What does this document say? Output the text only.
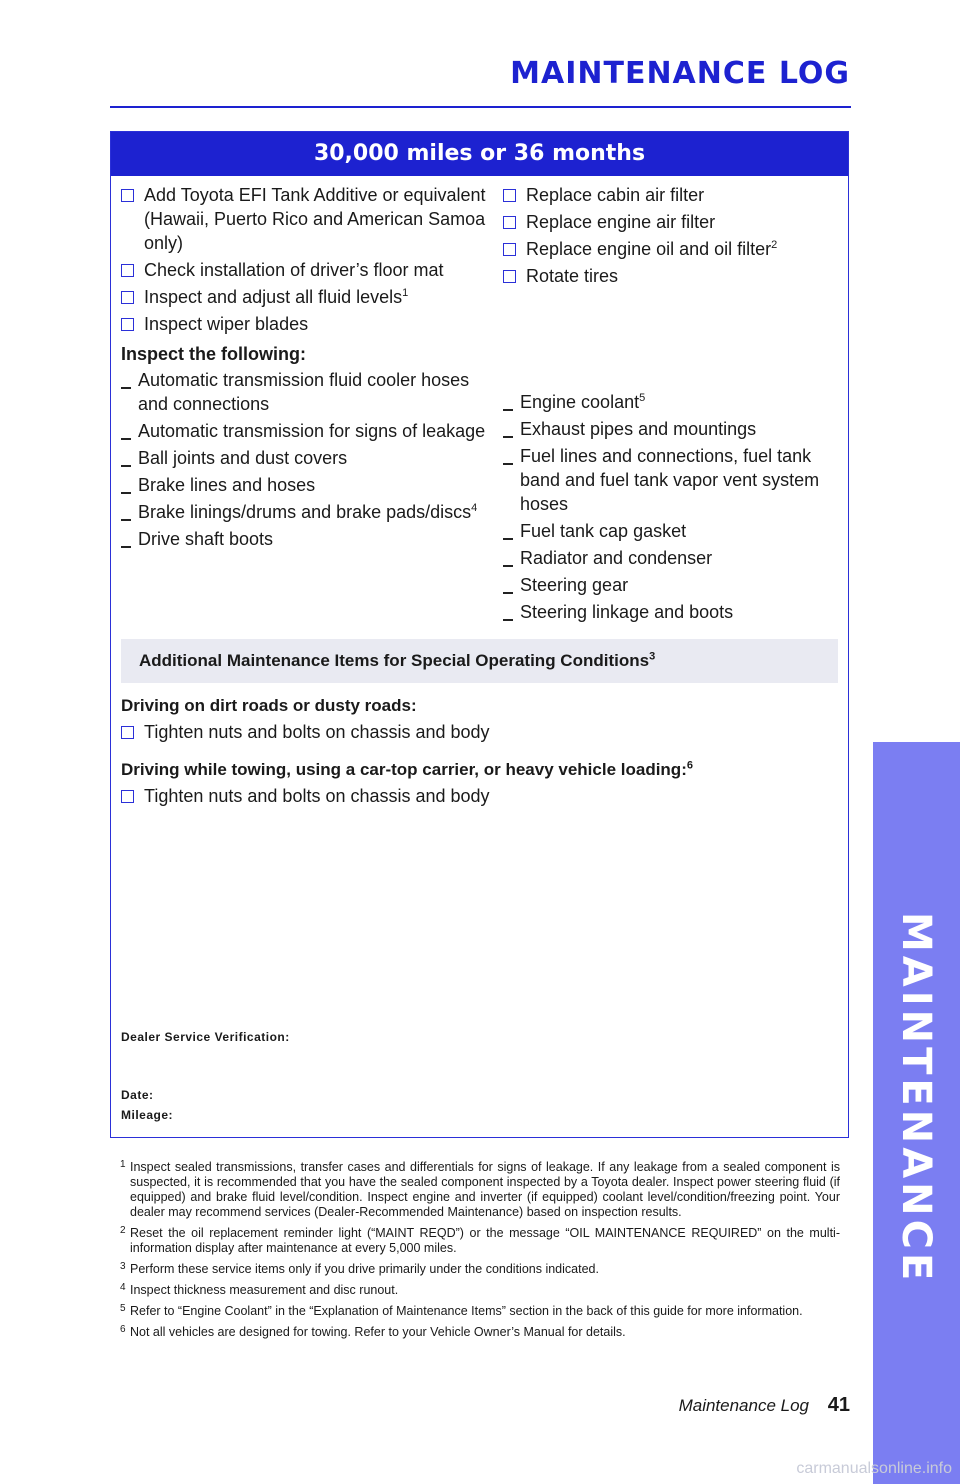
MAINTENANCE LOG
30,000 miles or 36 months
Add Toyota EFI Tank Additive or equivalent (Hawaii, Puerto Rico and American Samoa only)
Check installation of driver’s floor mat
Inspect and adjust all fluid levels$^1$
Inspect wiper blades
Replace cabin air filter
Replace engine air filter
Replace engine oil and oil filter$^2$
Rotate tires
Inspect the following:
Automatic transmission fluid cooler hoses and connections
Automatic transmission for signs of leakage
Ball joints and dust covers
Brake lines and hoses
Brake linings/drums and brake pads/discs$^4$
Drive shaft boots
Engine coolant$^5$
Exhaust pipes and mountings
Fuel lines and connections, fuel tank band and fuel tank vapor vent system hoses
Fuel tank cap gasket
Radiator and condenser
Steering gear
Steering linkage and boots
Additional Maintenance Items for Special Operating Conditions$^3$
Driving on dirt roads or dusty roads:
Tighten nuts and bolts on chassis and body
Driving while towing, using a car-top carrier, or heavy vehicle loading:$^6$
Tighten nuts and bolts on chassis and body
Dealer Service Verification:
Date:
Mileage:
1 Inspect sealed transmissions, transfer cases and differentials for signs of leakage. If any leakage from a sealed component is suspected, it is recommended that you have the sealed component inspected by a Toyota dealer. Inspect power steering fluid (if equipped) and brake fluid level/condition. Inspect engine and inverter (if equipped) coolant level/condition/freezing point. Your dealer may recommend services (Dealer-Recommended Maintenance) based on inspection results.
2 Reset the oil replacement reminder light (“MAINT REQD”) or the message “OIL MAINTENANCE REQUIRED” on the multi-information display after maintenance at every 5,000 miles.
3 Perform these service items only if you drive primarily under the conditions indicated.
4 Inspect thickness measurement and disc runout.
5 Refer to “Engine Coolant” in the “Explanation of Maintenance Items” section in the back of this guide for more information.
6 Not all vehicles are designed for towing. Refer to your Vehicle Owner’s Manual for details.
Maintenance Log 41
MAINTENANCE
carmanualsonline.info
